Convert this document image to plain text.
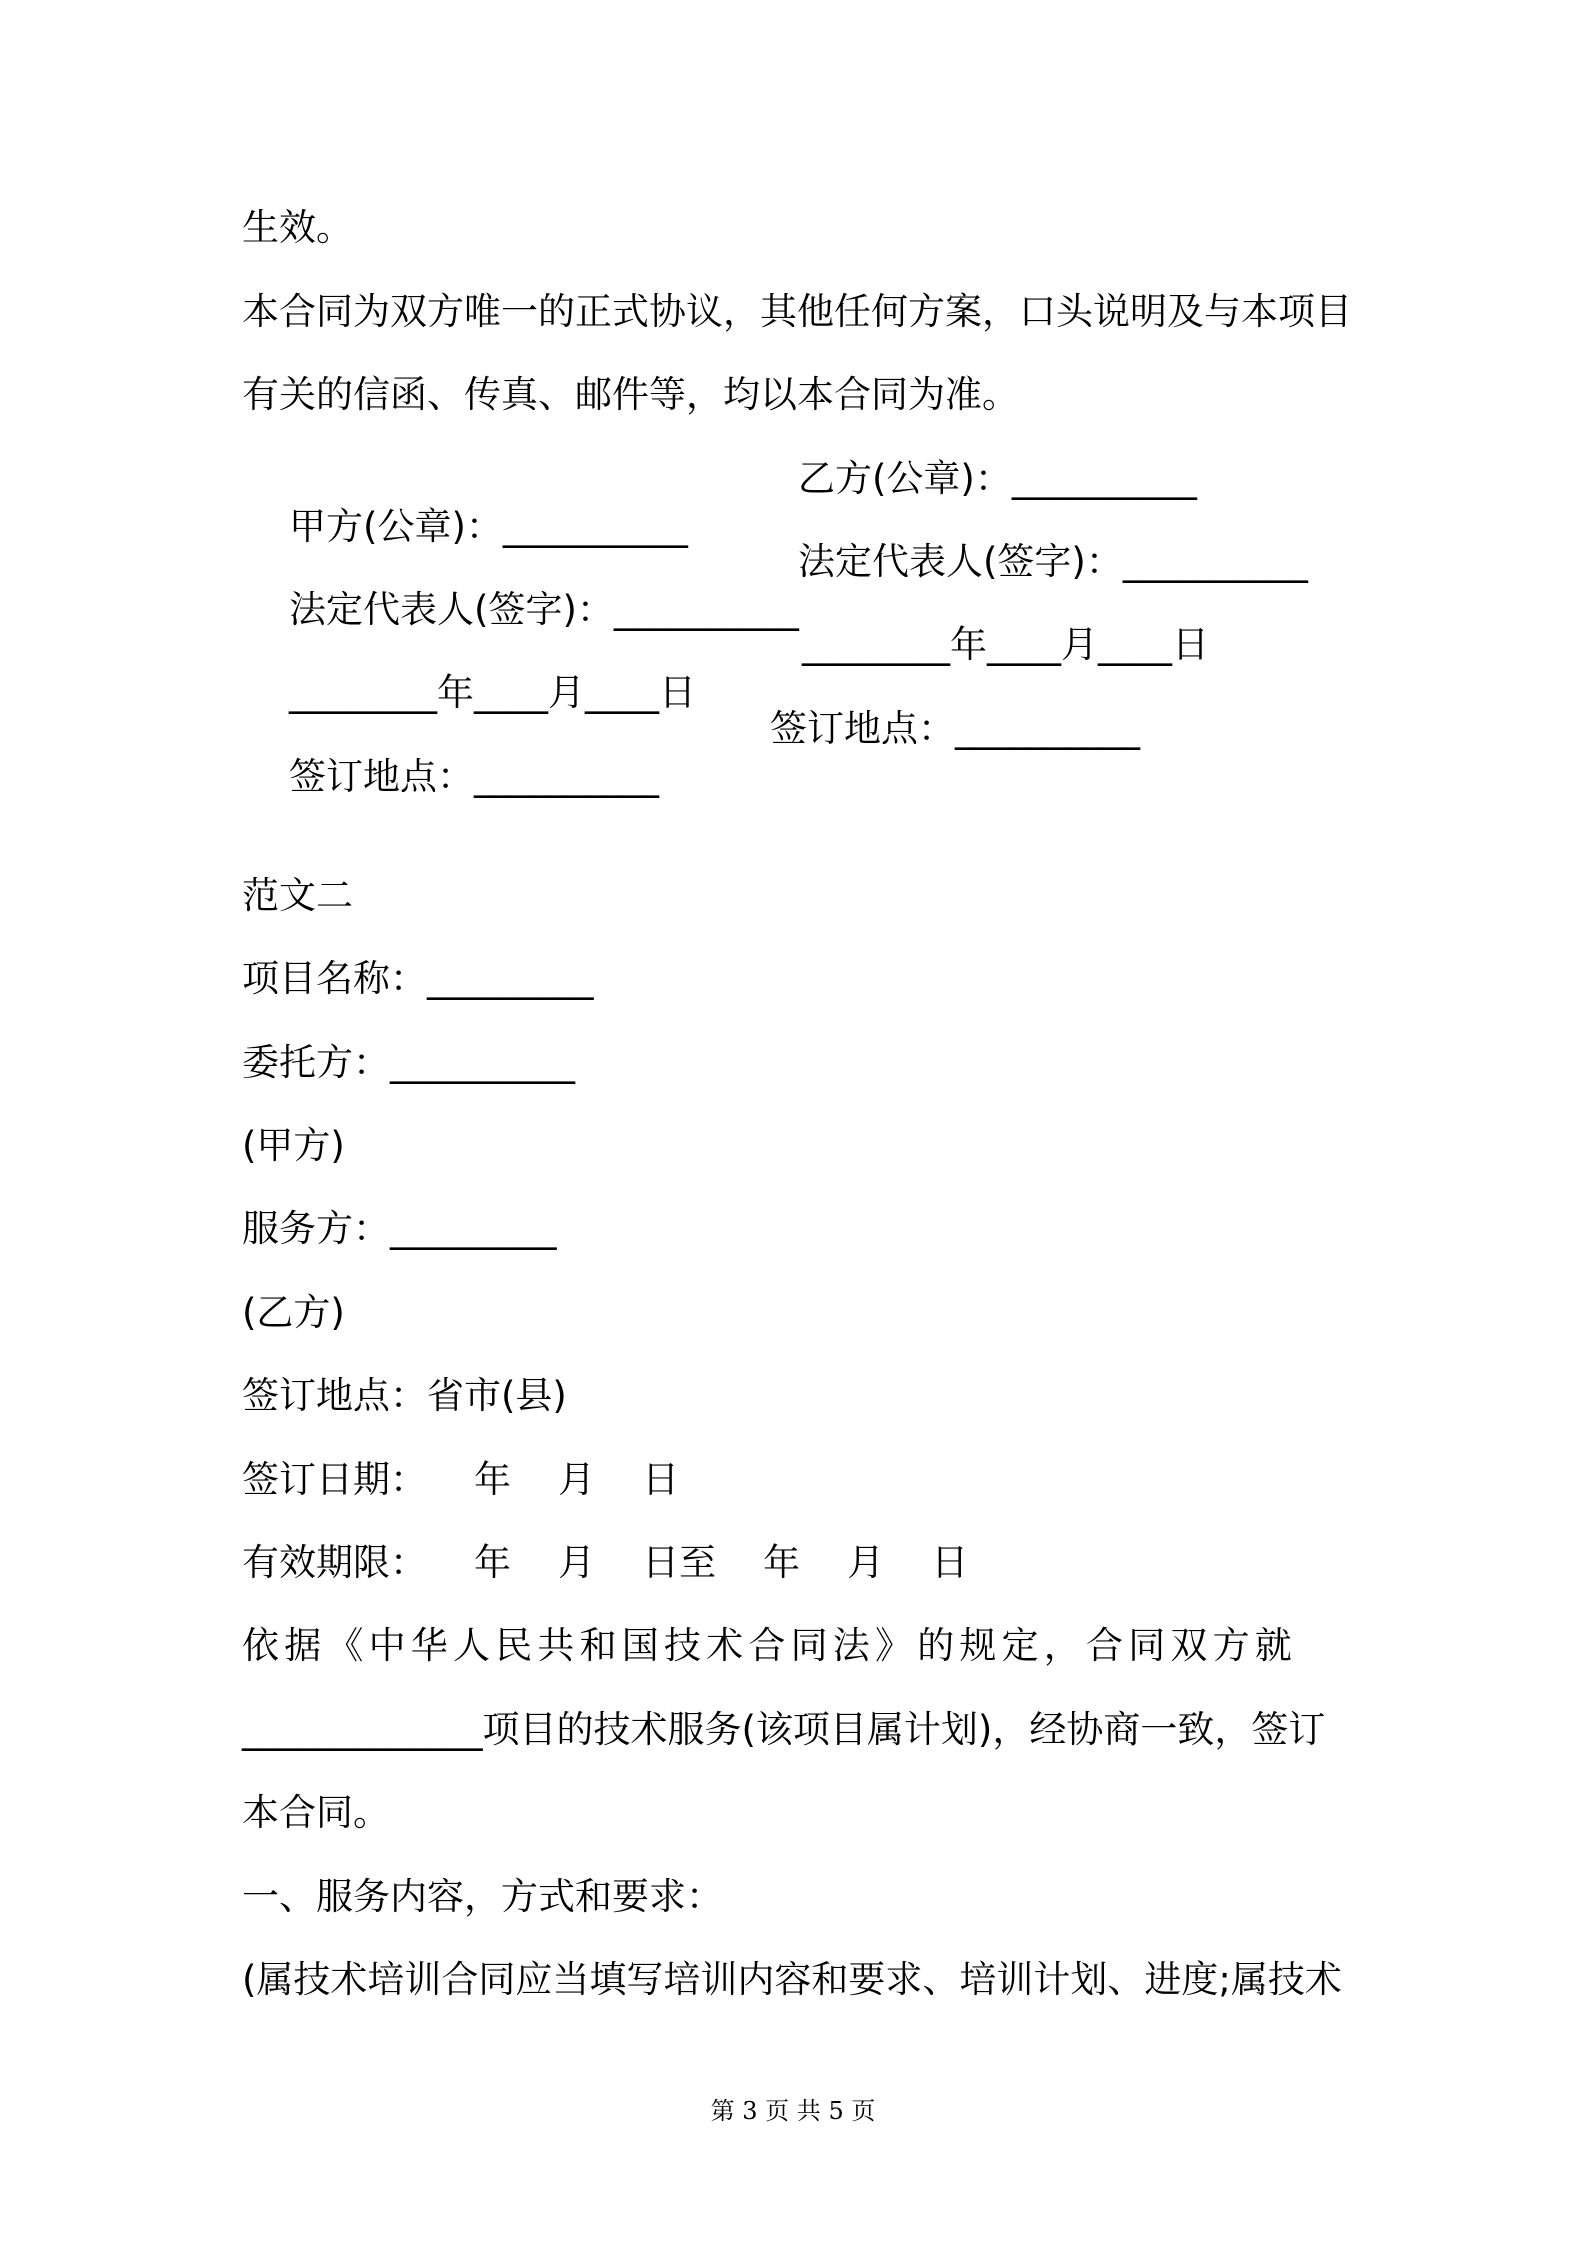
生效。
本合同为双方唯一的正式协议，其他任何方案，口头说明及与本项目
有关的信函、传真、邮件等，均以本合同为准。

甲方(公章)：__________

乙方(公章)：__________

法定代表人(签字)：__________

法定代表人(签字)：__________

________年____月____日

________年____月____日

签订地点：__________

签订地点：__________

范文二
项目名称：_________
委托方：__________
(甲方)
服务方：_________
(乙方)
签订地点：省市(县)
签订日期：    年    月    日
有效期限：    年    月    日至    年    月    日
依据《中华人民共和国技术合同法》的规定，合同双方就
_____________项目的技术服务(该项目属计划)，经协商一致，签订
本合同。
一、服务内容，方式和要求：
(属技术培训合同应当填写培训内容和要求、培训计划、进度;属技术
第 3 页 共 5 页
